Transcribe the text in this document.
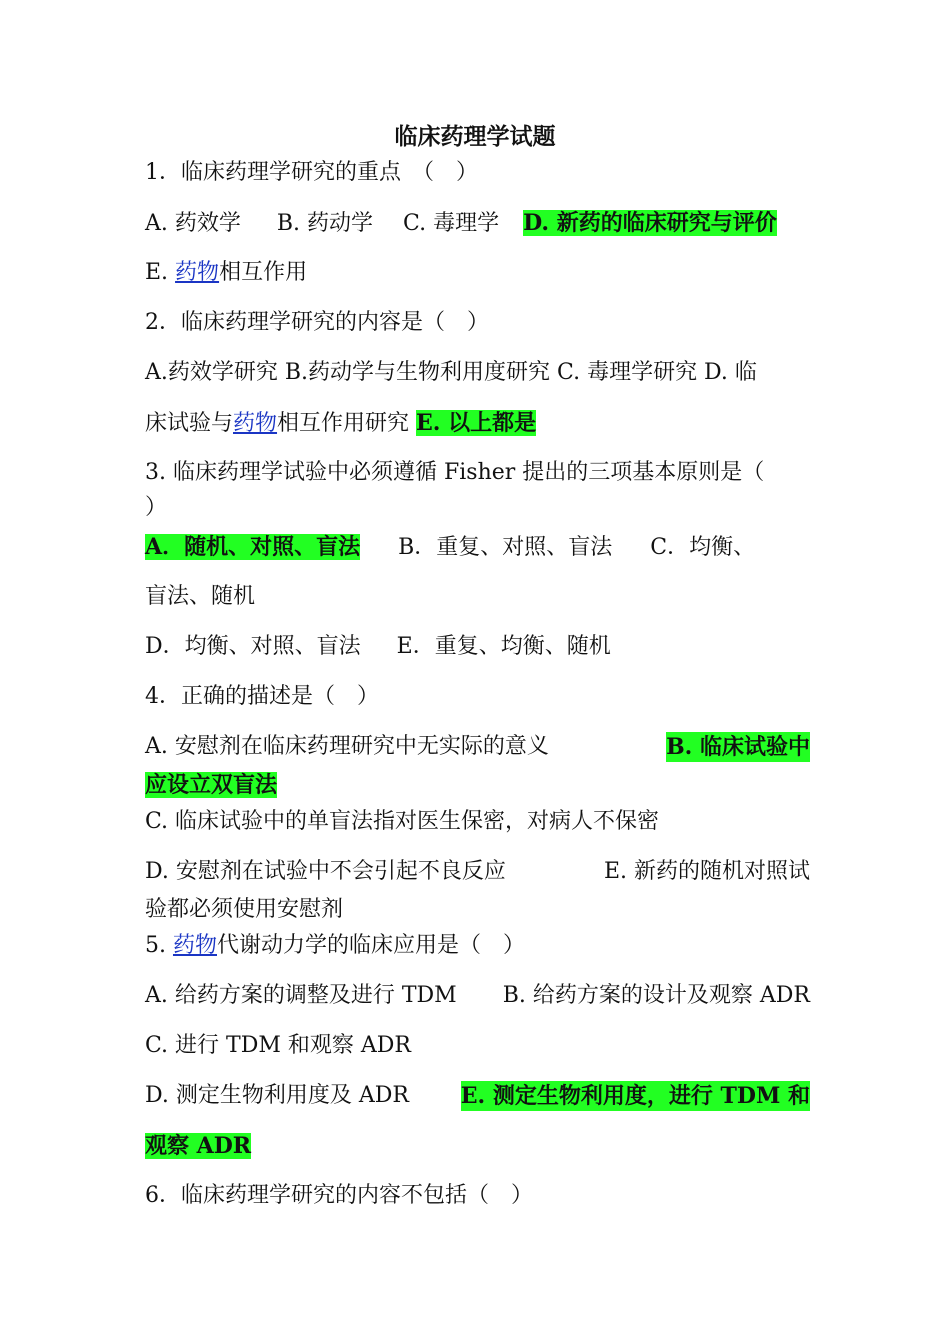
临床药理学试题
1．临床药理学研究的重点　（　）
A. 药效学 B. 药动学 C. 毒理学 D. 新药的临床研究与评价
E. 药物相互作用
2．临床药理学研究的内容是（　）
A.药效学研究 B.药动学与生物利用度研究 C. 毒理学研究 D. 临
床试验与药物相互作用研究 E. 以上都是
3. 临床药理学试验中必须遵循 Fisher 提出的三项基本原则是（
）
A．随机、对照、盲法 B．重复、对照、盲法 C．均衡、
盲法、随机
D．均衡、对照、盲法 E．重复、均衡、随机
4．正确的描述是（　）
A. 安慰剂在临床药理研究中无实际的意义	B. 临床试验中
应设立双盲法
C. 临床试验中的单盲法指对医生保密，对病人不保密
D. 安慰剂在试验中不会引起不良反应	E. 新药的随机对照试
验都必须使用安慰剂
5. 药物代谢动力学的临床应用是（　）
A. 给药方案的调整及进行 TDM B. 给药方案的设计及观察 ADR
C. 进行 TDM 和观察 ADR
D. 测定生物利用度及 ADR E. 测定生物利用度，进行 TDM 和
观察 ADR
6．临床药理学研究的内容不包括（　）
